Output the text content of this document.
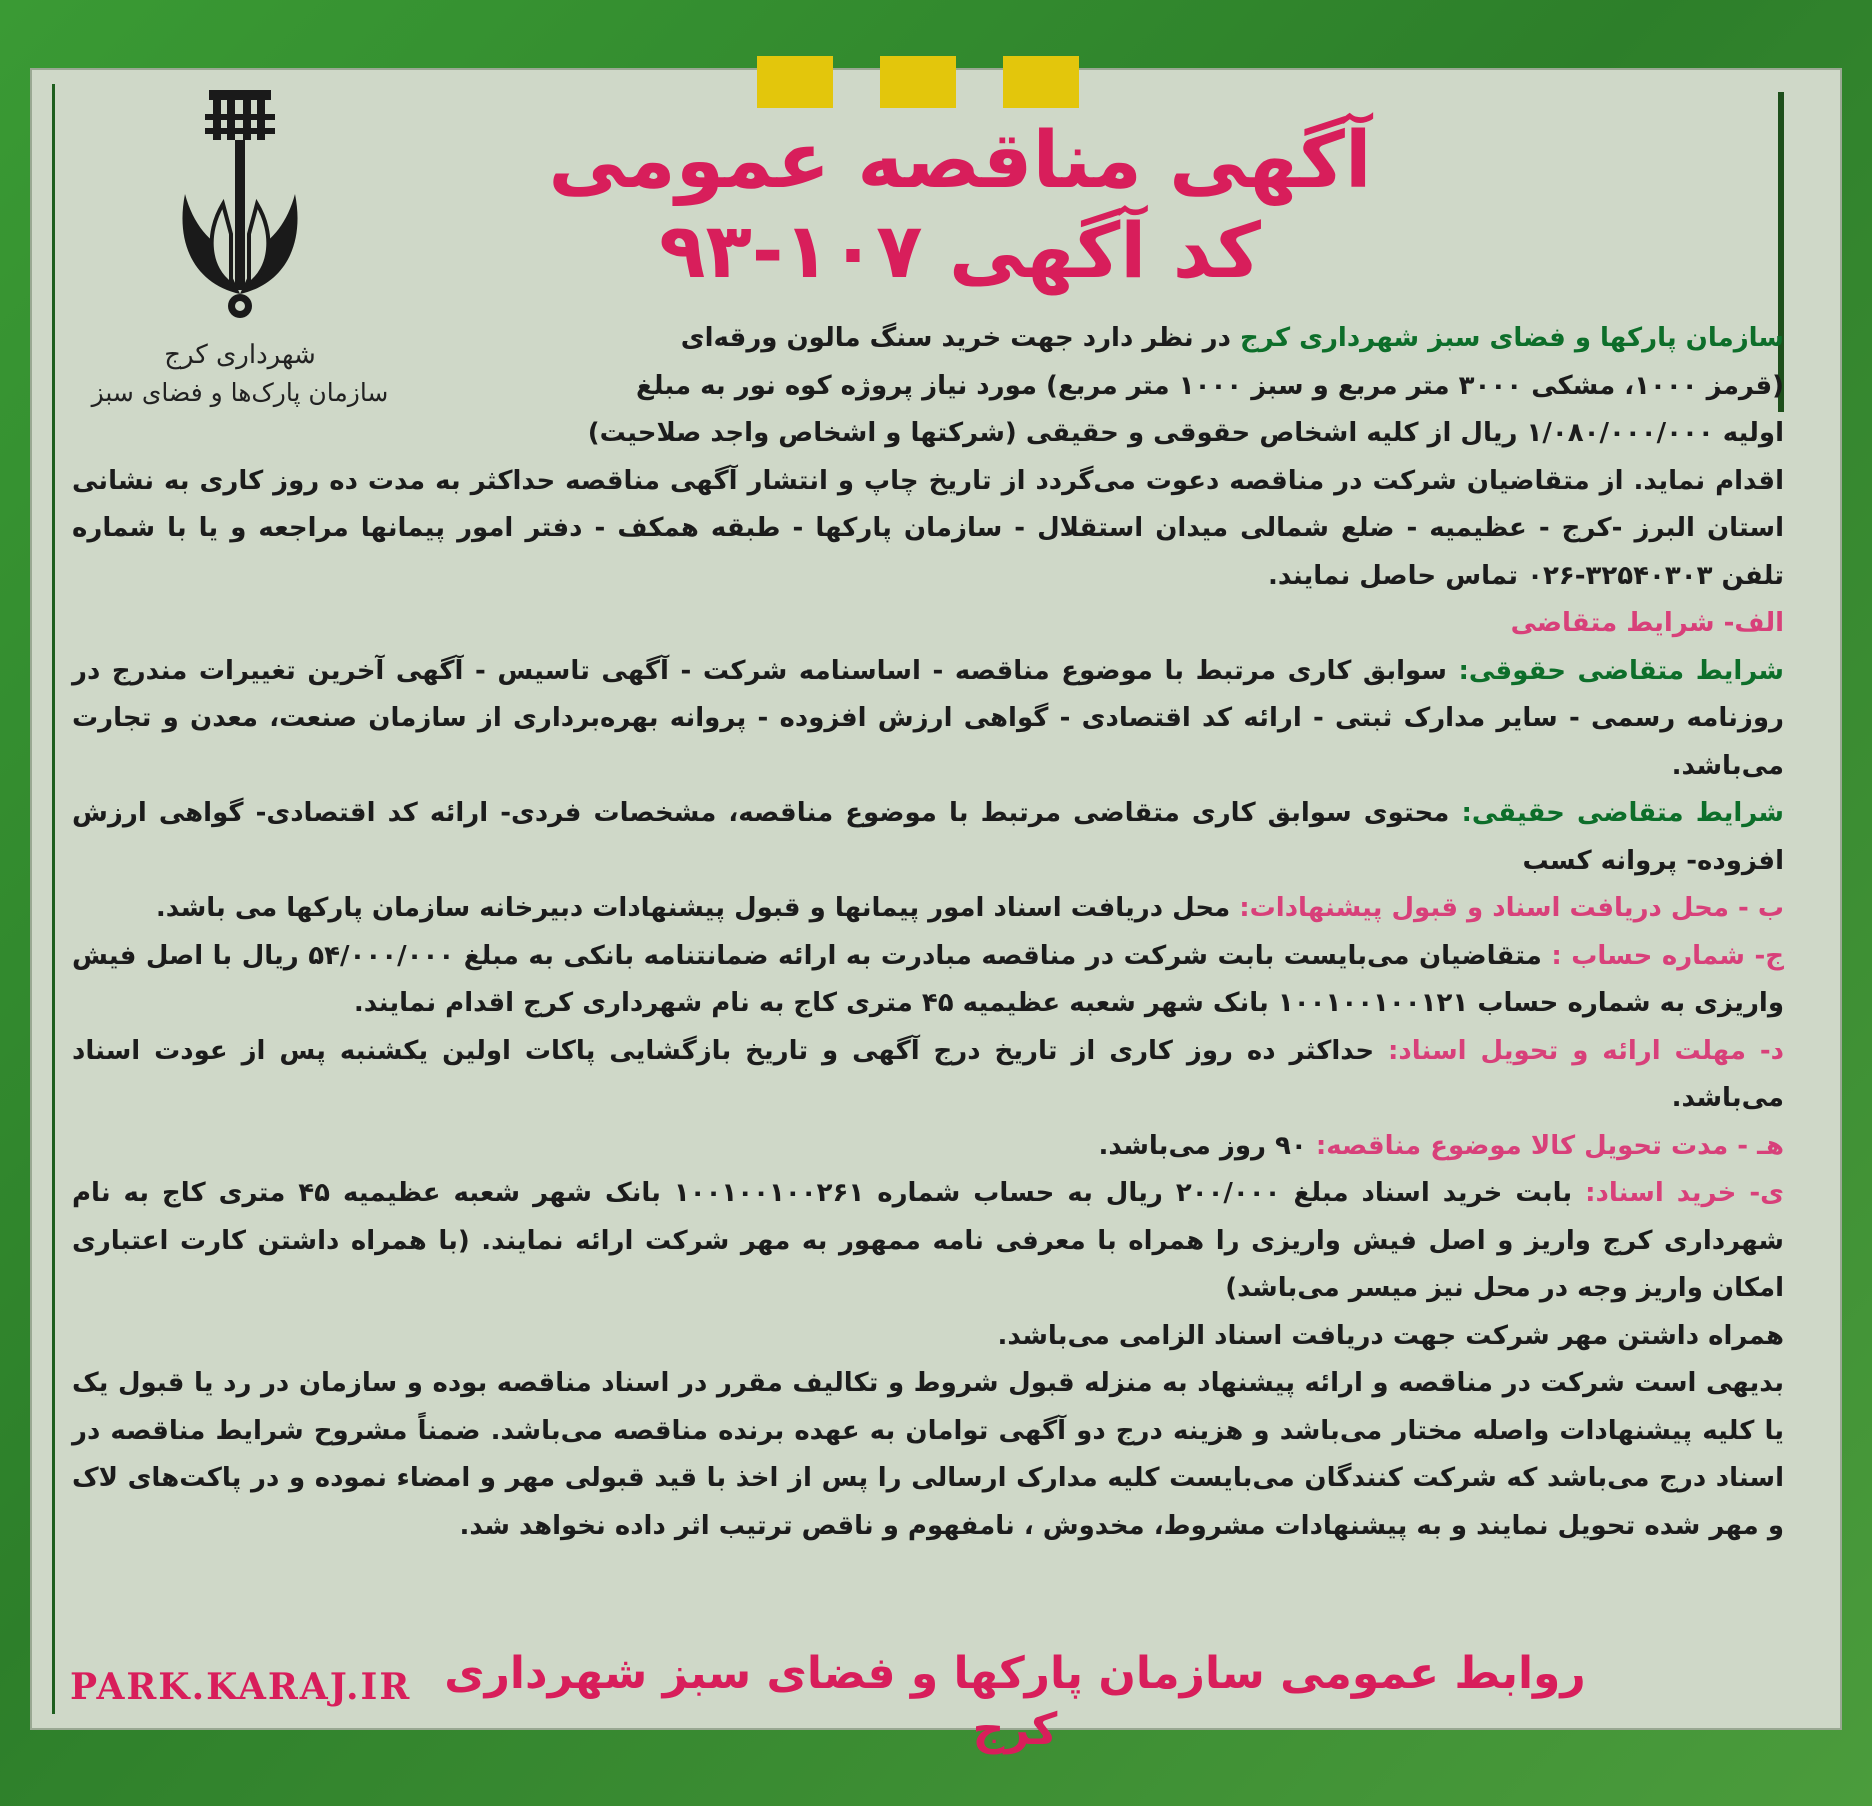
شهرداری کرج
سازمان پارک‌ها و فضای سبز
آگهی مناقصه عمومی
کد آگهی ۱۰۷-۹۳

سازمان پارکها و فضای سبز شهرداری کرج در نظر دارد جهت خرید سنگ مالون ورقه‌ای

(قرمز ۱۰۰۰، مشکی ۳۰۰۰ متر مربع و سبز ۱۰۰۰ متر مربع) مورد نیاز پروژه کوه نور به مبلغ

اولیه ۱/۰۸۰/۰۰۰/۰۰۰ ریال از کلیه اشخاص حقوقی و حقیقی (شرکتها و اشخاص واجد صلاحیت)

اقدام نماید. از متقاضیان شرکت در مناقصه دعوت می‌گردد از تاریخ چاپ و انتشار آگهی مناقصه حداکثر به مدت ده روز کاری به نشانی استان البرز -کرج - عظیمیه - ضلع شمالی میدان استقلال - سازمان پارکها - طبقه همکف - دفتر امور پیمانها مراجعه و یا با شماره تلفن ۳۲۵۴۰۳۰۳-۰۲۶ تماس حاصل نمایند.

الف- شرایط متقاضی

شرایط متقاضی حقوقی: سوابق کاری مرتبط با موضوع مناقصه - اساسنامه شرکت - آگهی تاسیس - آگهی آخرین تغییرات مندرج در روزنامه رسمی - سایر مدارک ثبتی - ارائه کد اقتصادی - گواهی ارزش افزوده - پروانه بهره‌برداری از سازمان صنعت، معدن و تجارت می‌باشد.

شرایط متقاضی حقیقی: محتوی سوابق کاری متقاضی مرتبط با موضوع مناقصه، مشخصات فردی- ارائه کد اقتصادی- گواهی ارزش افزوده- پروانه کسب

ب - محل دریافت اسناد و قبول پیشنهادات: محل دریافت اسناد امور پیمانها و قبول پیشنهادات دبیرخانه سازمان پارکها می باشد.

ج- شماره حساب : متقاضیان می‌بایست بابت شرکت در مناقصه مبادرت به ارائه ضمانتنامه بانکی به مبلغ ۵۴/۰۰۰/۰۰۰ ریال با اصل فیش واریزی به شماره حساب ۱۰۰۱۰۰۱۰۰۱۲۱ بانک شهر شعبه عظیمیه ۴۵ متری کاج به نام شهرداری کرج اقدام نمایند.

د- مهلت ارائه و تحویل اسناد: حداکثر ده روز کاری از تاریخ درج آگهی و تاریخ بازگشایی پاکات اولین یکشنبه پس از عودت اسناد می‌باشد.

هـ - مدت تحویل کالا موضوع مناقصه: ۹۰ روز می‌باشد.

ی- خرید اسناد: بابت خرید اسناد مبلغ ۲۰۰/۰۰۰ ریال به حساب شماره ۱۰۰۱۰۰۱۰۰۲۶۱ بانک شهر شعبه عظیمیه ۴۵ متری کاج به نام شهرداری کرج واریز و اصل فیش واریزی را همراه با معرفی نامه ممهور به مهر شرکت ارائه نمایند. (با همراه داشتن کارت اعتباری امکان واریز وجه در محل نیز میسر می‌باشد)

همراه داشتن مهر شرکت جهت دریافت اسناد الزامی می‌باشد.

بدیهی است شرکت در مناقصه و ارائه پیشنهاد به منزله قبول شروط و تکالیف مقرر در اسناد مناقصه بوده و سازمان در رد یا قبول یک یا کلیه پیشنهادات واصله مختار می‌باشد و هزینه درج دو آگهی توامان به عهده برنده مناقصه می‌باشد. ضمناً مشروح شرایط مناقصه در اسناد درج می‌باشد که شرکت کنندگان می‌بایست کلیه مدارک ارسالی را پس از اخذ با قید قبولی مهر و امضاء نموده و در پاکت‌های لاک و مهر شده تحویل نمایند و به پیشنهادات مشروط، مخدوش ، نامفهوم و ناقص ترتیب اثر داده نخواهد شد.

روابط عمومی سازمان پارکها و فضای سبز شهرداری کرج
PARK.KARAJ.IR
